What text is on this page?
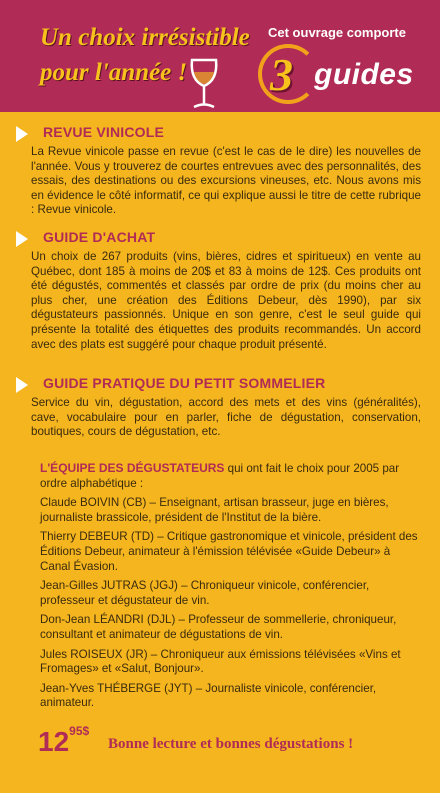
Un choix irrésistible
pour l'année !
Cet ouvrage comporte
3 guides
REVUE VINICOLE

La Revue vinicole passe en revue (c'est le cas de le dire) les nouvelles de l'année. Vous y trouverez de courtes entrevues avec des personnalités, des essais, des destinations ou des excursions vineuses, etc. Nous avons mis en évidence le côté informatif, ce qui explique aussi le titre de cette rubrique : Revue vinicole.

GUIDE D'ACHAT

Un choix de 267 produits (vins, bières, cidres et spiritueux) en vente au Québec, dont 185 à moins de 20$ et 83 à moins de 12$. Ces produits ont été dégustés, commentés et classés par ordre de prix (du moins cher au plus cher, une création des Éditions Debeur, dès 1990), par six dégustateurs passionnés. Unique en son genre, c'est le seul guide qui présente la totalité des étiquettes des produits recommandés. Un accord avec des plats est suggéré pour chaque produit présenté.

GUIDE PRATIQUE DU PETIT SOMMELIER

Service du vin, dégustation, accord des mets et des vins (généralités), cave, vocabulaire pour en parler, fiche de dégustation, conservation, boutiques, cours de dégustation, etc.

L'ÉQUIPE DES DÉGUSTATEURS qui ont fait le choix pour 2005 par ordre alphabétique :

Claude BOIVIN (CB) – Enseignant, artisan brasseur, juge en bières, journaliste brassicole, président de l'Institut de la bière.

Thierry DEBEUR (TD) – Critique gastronomique et vinicole, président des Éditions Debeur, animateur à l'émission télévisée «Guide Debeur» à Canal Évasion.

Jean-Gilles JUTRAS (JGJ) – Chroniqueur vinicole, conférencier, professeur et dégustateur de vin.

Don-Jean LÉANDRI (DJL) – Professeur de sommellerie, chroniqueur, consultant et animateur de dégustations de vin.

Jules ROISEUX (JR) – Chroniqueur aux émissions télévisées «Vins et Fromages» et «Salut, Bonjour».

Jean-Yves THÉBERGE (JYT) – Journaliste vinicole, conférencier, animateur.

$12^{95\$}$
Bonne lecture et bonnes dégustations !
